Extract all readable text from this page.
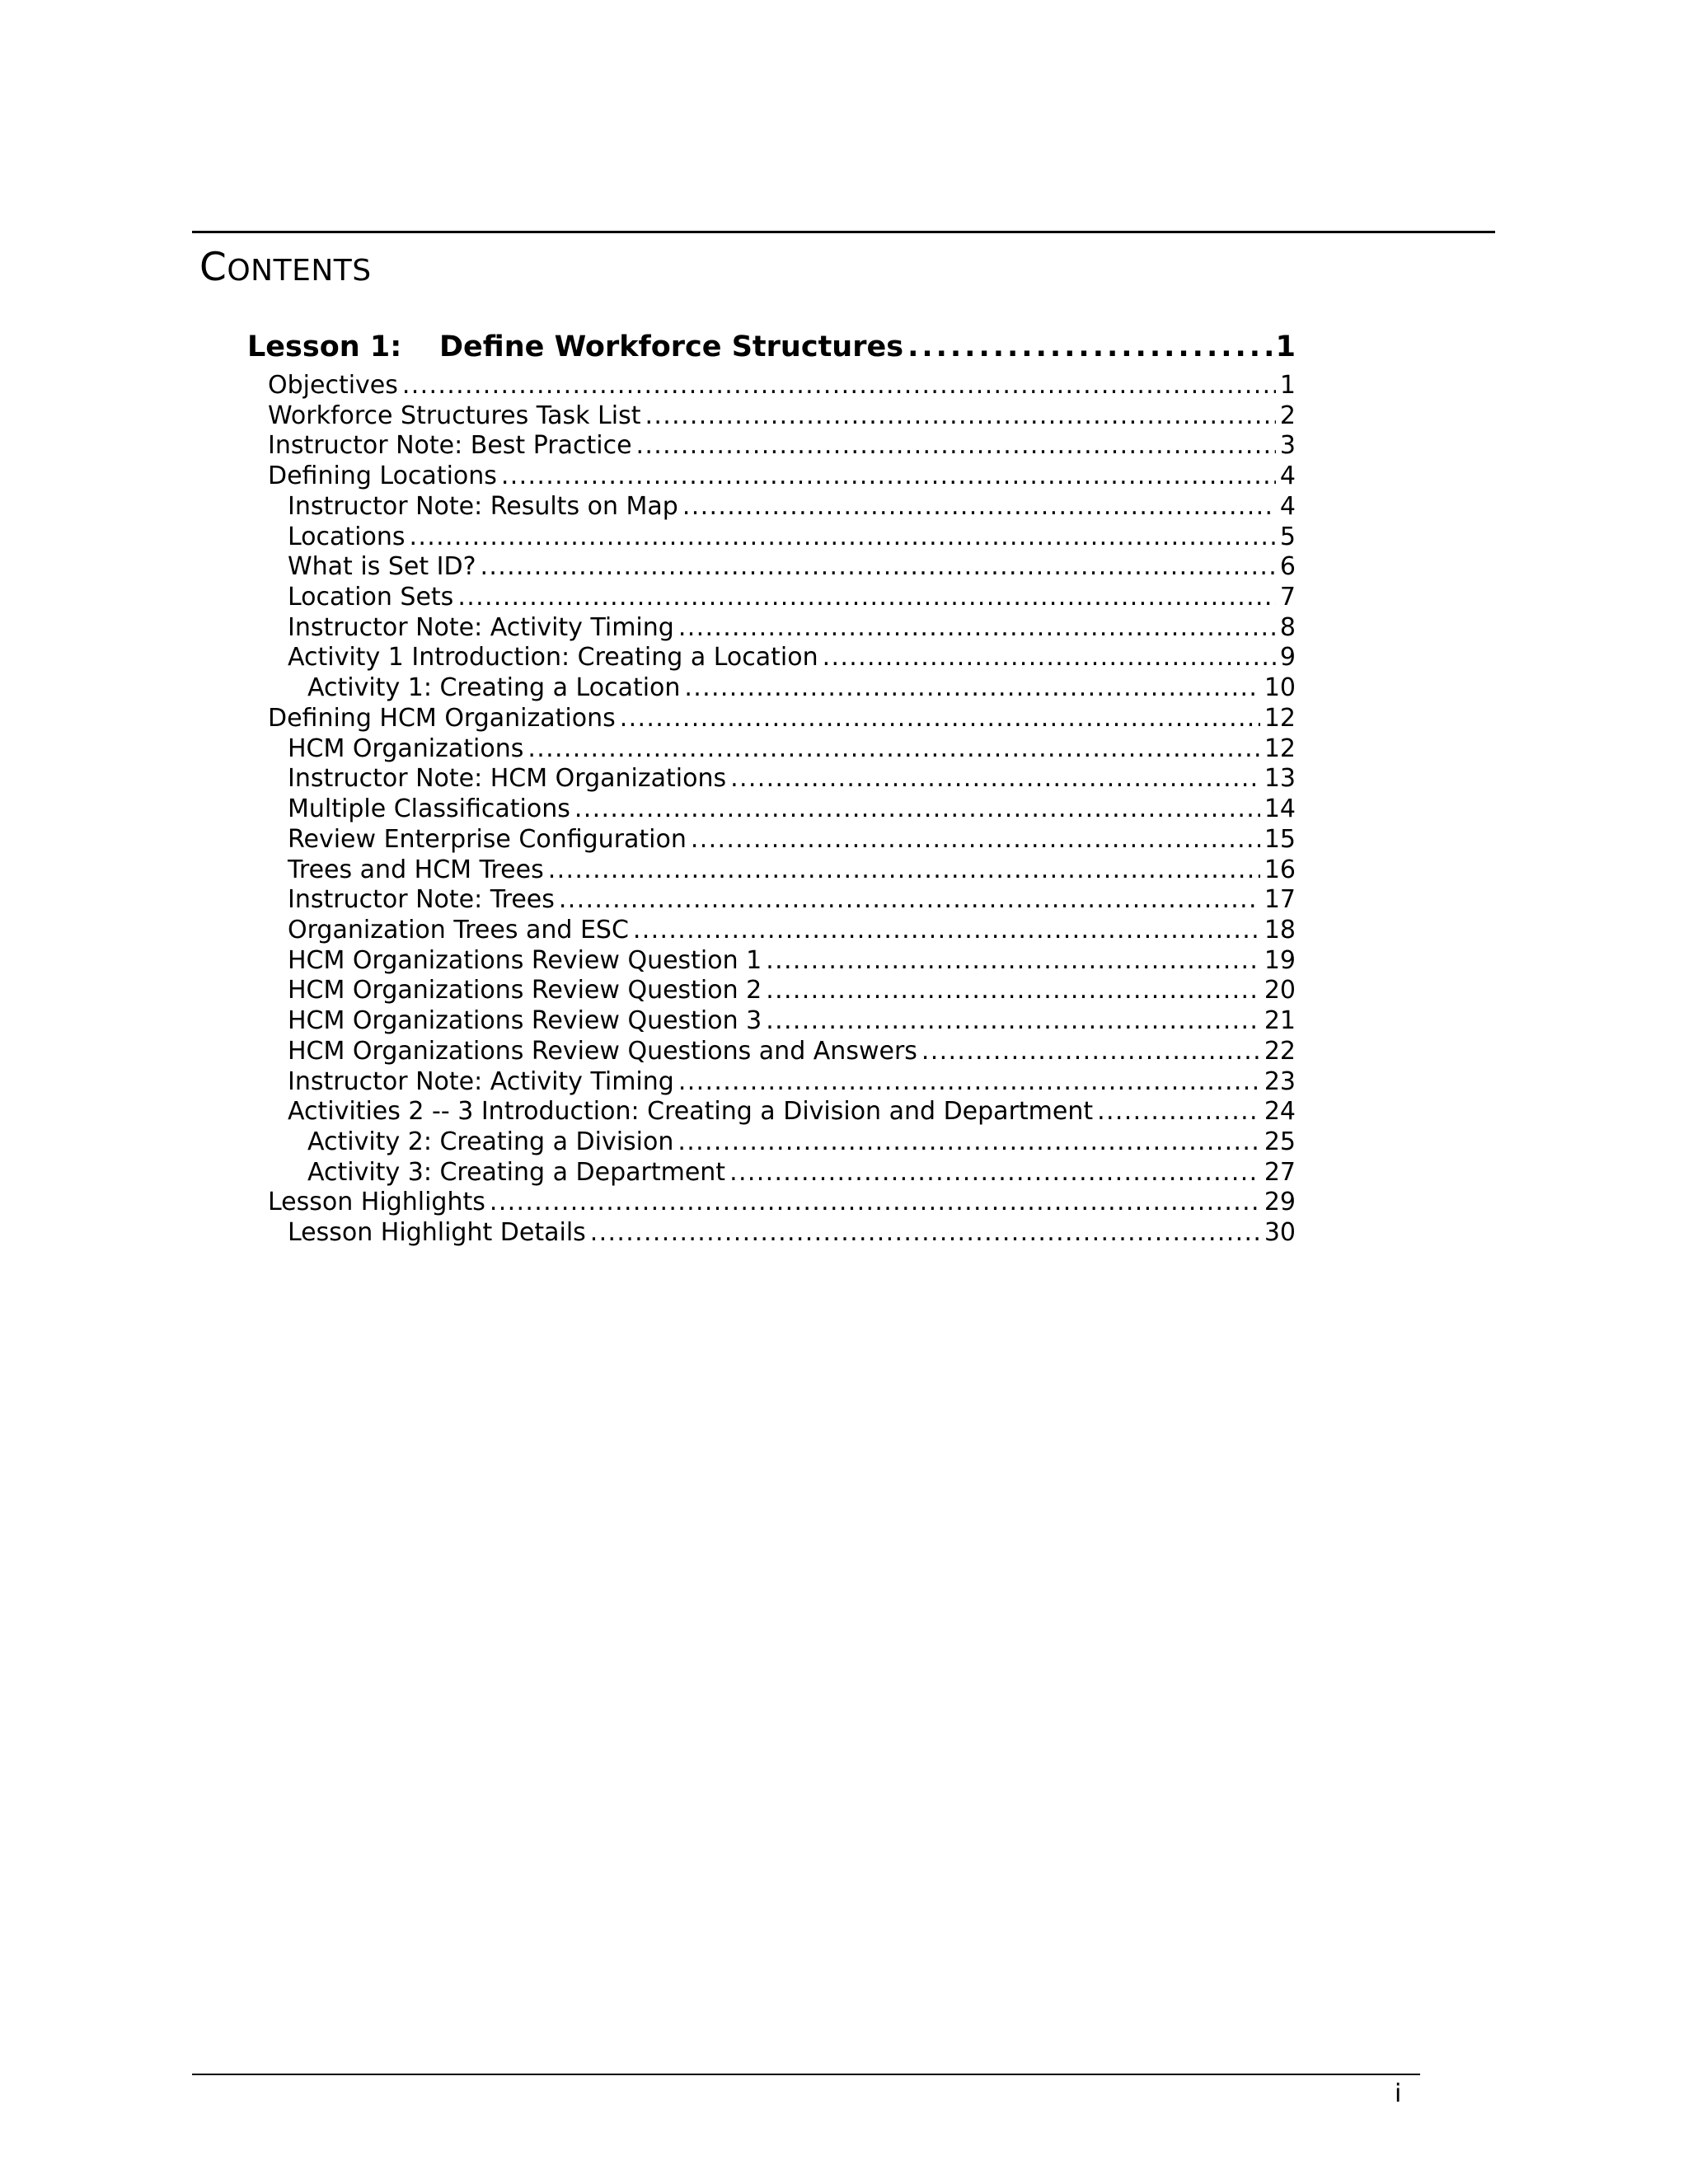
CONTENTS
Lesson 1:	Define Workforce Structures . . .	1
Objectives . . .	1
Workforce Structures Task List . . .	2
Instructor Note: Best Practice . . .	3
Defining Locations . . .	4
Instructor Note: Results on Map . . .	4
Locations . . .	5
What is Set ID? . . .	6
Location Sets . . .	7
Instructor Note: Activity Timing . . .	8
Activity 1 Introduction: Creating a Location . . .	9
Activity 1: Creating a Location . . .	10
Defining HCM Organizations . . .	12
HCM Organizations . . .	12
Instructor Note: HCM Organizations . . .	13
Multiple Classifications . . .	14
Review Enterprise Configuration . . .	15
Trees and HCM Trees . . .	16
Instructor Note: Trees . . .	17
Organization Trees and ESC . . .	18
HCM Organizations Review Question 1 . . .	19
HCM Organizations Review Question 2 . . .	20
HCM Organizations Review Question 3 . . .	21
HCM Organizations Review Questions and Answers . . .	22
Instructor Note: Activity Timing . . .	23
Activities 2 -- 3 Introduction: Creating a Division and Department . . .	24
Activity 2: Creating a Division . . .	25
Activity 3: Creating a Department . . .	27
Lesson Highlights . . .	29
Lesson Highlight Details . . .	30
i
